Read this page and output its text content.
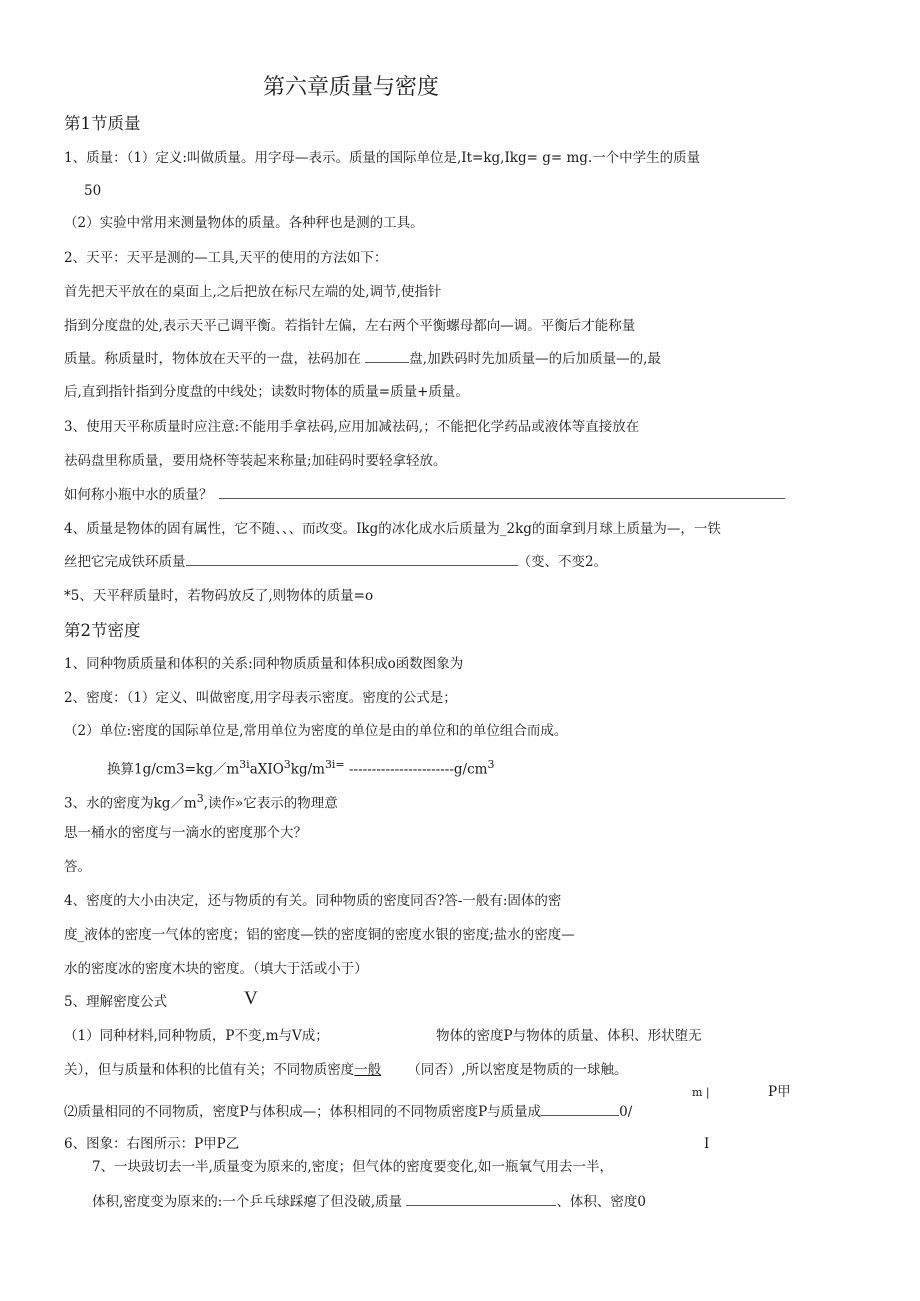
第六章质量与密度
第1节质量
1、质量：（1）定义:叫做质量。用字母—表示。质量的国际单位是,It=kg,Ikg= g= mg.一个中学生的质量
50
（2）实验中常用来测量物体的质量。各种秤也是测的工具。
2、天平：天平是测的—工具,天平的使用的方法如下：
首先把天平放在的桌面上,之后把放在标尺左端的处,调节,使指针
指到分度盘的处,表示天平己调平衡。若指针左偏，左右两个平衡螺母都向—调。平衡后才能称量
质量。称质量时，物体放在天平的一盘，祛码加在	盘,加跌码时先加质量—的后加质量—的,最
后,直到指针指到分度盘的中线处；读数时物体的质量=质量+质量。
3、使用天平称质量时应注意:不能用手拿祛码,应用加减祛码,；不能把化学药品或液体等直接放在
祛码盘里称质量，要用烧杯等装起来称量;加硅码时要轻拿轻放。
如何称小瓶中水的质量？
4、质量是物体的固有属性，它不随、、、而改变。Ikg的冰化成水后质量为_2kg的面拿到月球上质量为—，一铁
丝把它完成铁环质量	（变、不变2。
*5、天平秤质量时，若物码放反了,则物体的质量=o
第2节密度
1、同种物质质量和体积的关系:同种物质质量和体积成o函数图象为
2、密度：（1）定义、叫做密度,用字母表示密度。密度的公式是；
（2）单位:密度的国际单位是,常用单位为密度的单位是由的单位和的单位组合而成。
换算$1g/cm3=kg/m^{3i}aXIO^3kg/m^{3i=}$ $-----------------------g/cm^3$
3、水的密度为$kg/m^3$,读作»它表示的物理意
思一桶水的密度与一滴水的密度那个大？
答。
4、密度的大小由决定，还与物质的有关。同种物质的密度同否?答-一般有:固体的密
度_液体的密度一气体的密度；铝的密度—铁的密度铜的密度水银的密度;盐水的密度—
水的密度冰的密度木块的密度。（填大于活或小于）
5、理解密度公式	V
（1）同种材料,同种物质，P不变,m与V成；	物体的密度P与物体的质量、体积、形状堕无
关），但与质量和体积的比值有关；不同物质密度一般 （同否）,所以密度是物质的一球触。
m |	P甲
⑵质量相同的不同物质，密度P与体积成—；体积相同的不同物质密度P与质量成	0/
6、图象：右图所示：P甲P乙	I
7、一块豉切去一半,质量变为原来的,密度；但气体的密度要变化,如一瓶氧气用去一半，
体积,密度变为原来的:一个乒乓球踩瘪了但没破,质量	、体积、密度0
